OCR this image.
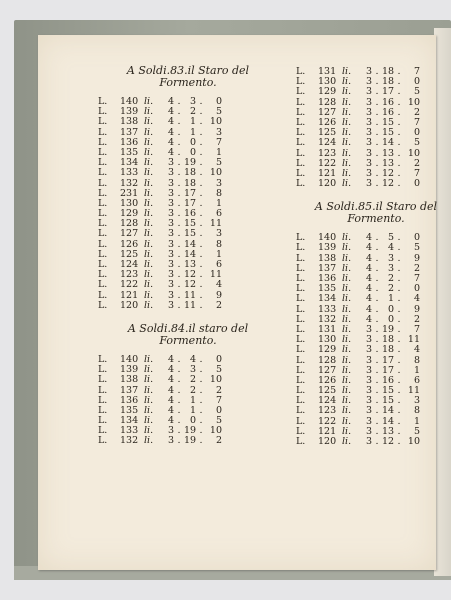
A Soldi.83.il Staro del
Formento.
L.	140 li.	4 . 3 .	0
L.	139 li.	4 . 2 .	5
L.	138 li.	4 . 1 . 10
L.	137 li.	4 . 1 .	3
L.	136 li.	4 . 0 .	7
L.	135 li.	4 . 0 .	1
L.	134 li.	3 . 19 .	5
L.	133 li.	3 . 18 . 10
L.	132 li.	3 . 18 .	3
L.	231 li.	3 . 17 .	8
L.	130 li.	3 . 17 .	1
L.	129 li.	3 . 16 .	6
L.	128 li.	3 . 15 . 11
L.	127 li.	3 . 15 .	3
L.	126 li.	3 . 14 .	8
L.	125 li.	3 . 14 .	1
L.	124 li.	3 . 13 .	6
L.	123 li.	3 . 12 . 11
L.	122 li.	3 . 12 .	4
L.	121 li.	3 . 11 .	9
L.	120 li.	3 . 11 .	2
A Soldi.84.il staro del
Formento.
L.	140 li.	4 . 4 .	0
L.	139 li.	4 . 3 .	5
L.	138 li.	4 . 2 . 10
L.	137 li.	4 . 2 .	2
L.	136 li.	4 . 1 .	7
L.	135 li.	4 . 1 .	0
L.	134 li.	4 . 0 .	5
L.	133 li.	3 . 19 . 10
L.	132 li.	3 . 19 .	2
L.	131 li.	3 . 18 .	7
L.	130 li.	3 . 18 .	0
L.	129 li.	3 . 17 .	5
L.	128 li.	3 . 16 . 10
L.	127 li.	3 . 16 .	2
L.	126 li.	3 . 15 .	7
L.	125 li.	3 . 15 .	0
L.	124 li.	3 . 14 .	5
L.	123 li.	3 . 13 . 10
L.	122 li.	3 . 13 .	2
L.	121 li.	3 . 12 .	7
L.	120 li.	3 . 12 .	0
A Soldi.85.il Staro del
Formento.
L.	140 li.	4 . 5 .	0
L.	139 li.	4 . 4 .	5
L.	138 li.	4 . 3 .	9
L.	137 li.	4 . 3 .	2
L.	136 li.	4 . 2 .	7
L.	135 li.	4 . 2 .	0
L.	134 li.	4 . 1 .	4
L.	133 li.	4 . 0 .	9
L.	132 li.	4 . 0 .	2
L.	131 li.	3 . 19 .	7
L.	130 li.	3 . 18 . 11
L.	129 li.	3 . 18 .	4
L.	128 li.	3 . 17 .	8
L.	127 li.	3 . 17 .	1
L.	126 li.	3 . 16 .	6
L.	125 li.	3 . 15 . 11
L.	124 li.	3 . 15 .	3
L.	123 li.	3 . 14 .	8
L.	122 li.	3 . 14 .	1
L.	121 li.	3 . 13 .	5
L.	120 li.	3 . 12 . 10
